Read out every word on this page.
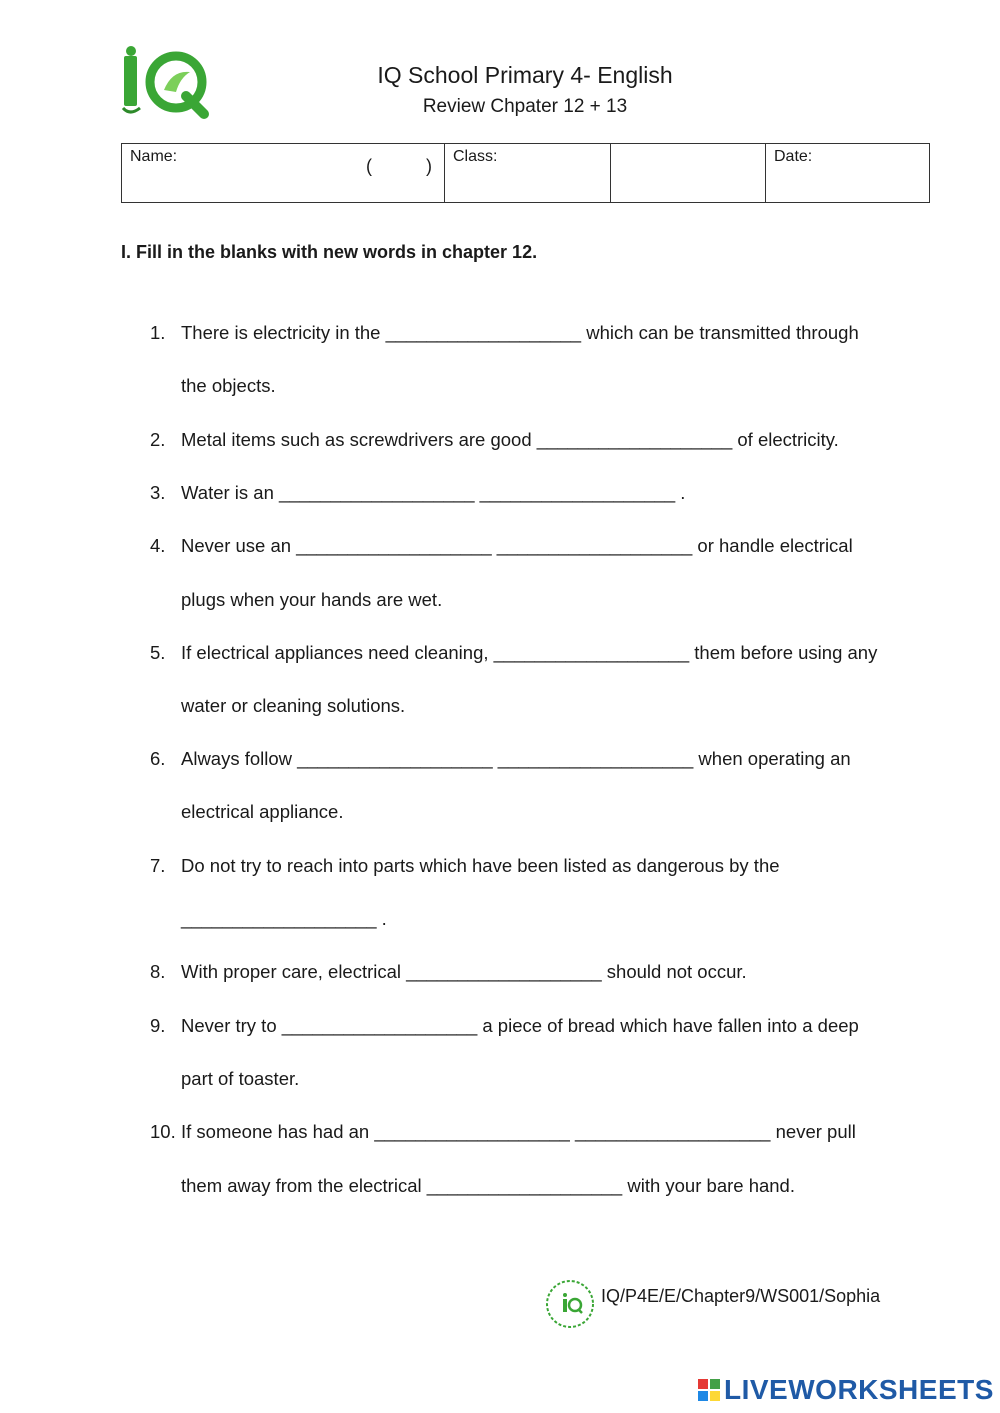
IQ School Primary 4- English
Review Chpater 12 + 13
Name:	Class:		Date:
(	)
I. Fill in the blanks with new words in chapter 12.
1. There is electricity in the ___________________ which can be transmitted through
the objects.
2. Metal items such as screwdrivers are good ___________________ of electricity.
3. Water is an ___________________ ___________________ .
4. Never use an ___________________ ___________________ or handle electrical
plugs when your hands are wet.
5. If electrical appliances need cleaning, ___________________ them before using any
water or cleaning solutions.
6. Always follow ___________________ ___________________ when operating an
electrical appliance.
7. Do not try to reach into parts which have been listed as dangerous by the
___________________ .
8. With proper care, electrical ___________________ should not occur.
9. Never try to ___________________ a piece of bread which have fallen into a deep
part of toaster.
10. If someone has had an ___________________ ___________________ never pull
them away from the electrical ___________________ with your bare hand.
IQ/P4E/E/Chapter9/WS001/Sophia
LIVEWORKSHEETS
